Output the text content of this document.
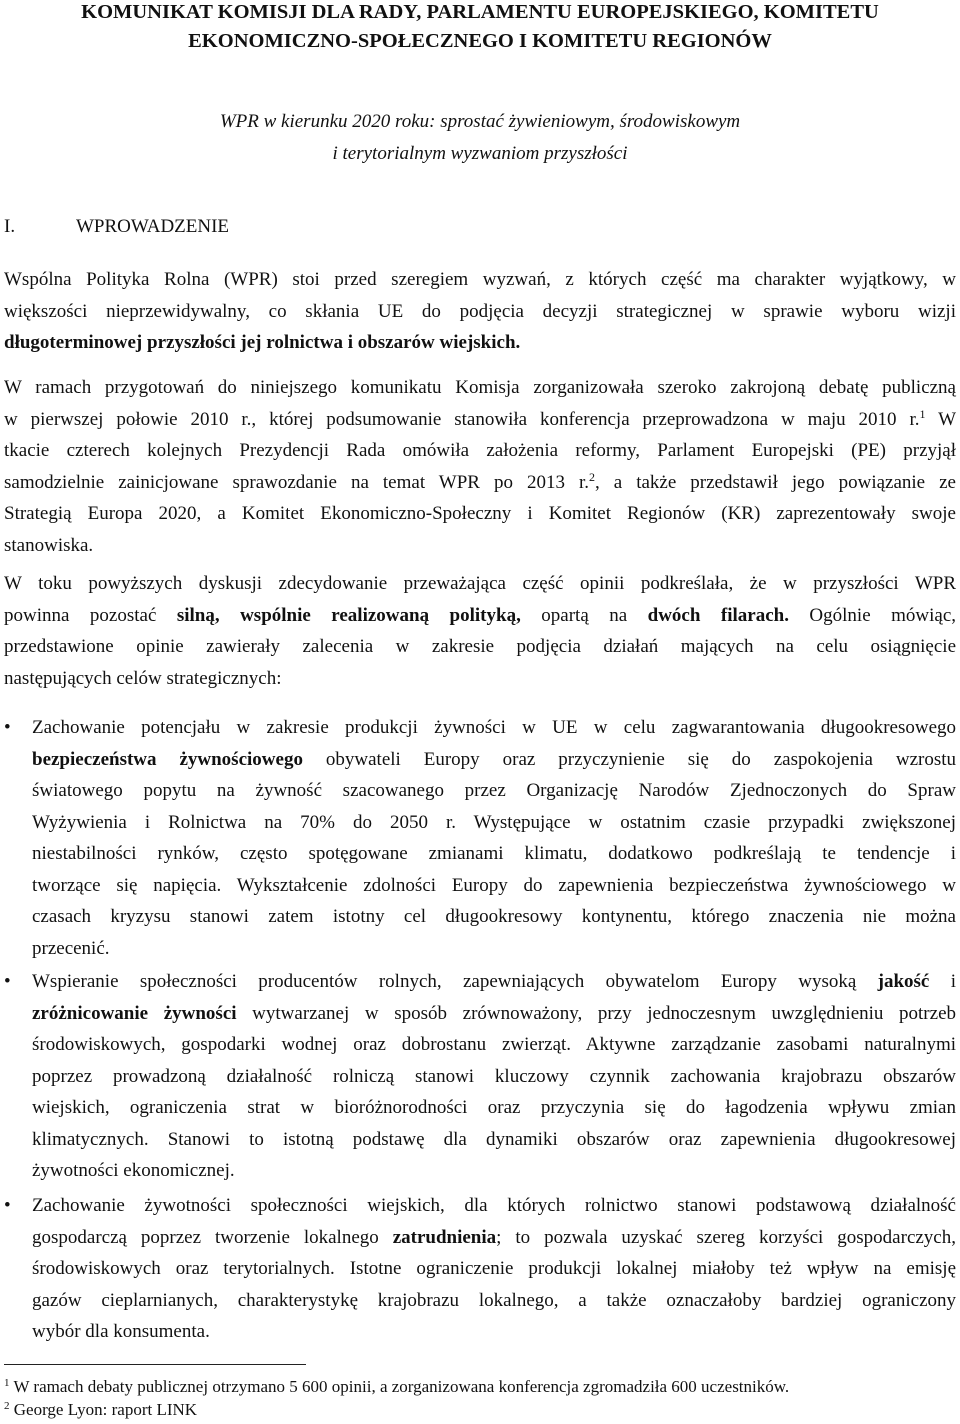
KOMUNIKAT KOMISJI DLA RADY, PARLAMENTU EUROPEJSKIEGO, KOMITETU
EKONOMICZNO-SPOŁECZNEGO I KOMITETU REGIONÓW
WPR w kierunku 2020 roku: sprostać żywieniowym, środowiskowym
i terytorialnym wyzwaniom przyszłości
I.	WPROWADZENIE
Wspólna Polityka Rolna (WPR) stoi przed szeregiem wyzwań, z których część ma charakter wyjątkowy, w
większości nieprzewidywalny, co skłania UE do podjęcia decyzji strategicznej w sprawie wyboru wizji
długoterminowej przyszłości jej rolnictwa i obszarów wiejskich.
W ramach przygotowań do niniejszego komunikatu Komisja zorganizowała szeroko zakrojoną debatę publiczną
w pierwszej połowie 2010 r., której podsumowanie stanowiła konferencja przeprowadzona w maju 2010 r.$^1$ W
tkacie czterech kolejnych Prezydencji Rada omówiła założenia reformy, Parlament Europejski (PE) przyjął
samodzielnie zainicjowane sprawozdanie na temat WPR po 2013 r.$^2$, a także przedstawił jego powiązanie ze
Strategią Europa 2020, a Komitet Ekonomiczno-Społeczny i Komitet Regionów (KR) zaprezentowały swoje
stanowiska.
W toku powyższych dyskusji zdecydowanie przeważająca część opinii podkreślała, że w przyszłości WPR
powinna pozostać silną, wspólnie realizowaną polityką, opartą na dwóch filarach. Ogólnie mówiąc,
przedstawione opinie zawierały zalecenia w zakresie podjęcia działań mających na celu osiągnięcie
następujących celów strategicznych:
• Zachowanie potencjału w zakresie produkcji żywności w UE w celu zagwarantowania długookresowego
bezpieczeństwa żywnościowego obywateli Europy oraz przyczynienie się do zaspokojenia wzrostu
światowego popytu na żywność szacowanego przez Organizację Narodów Zjednoczonych do Spraw
Wyżywienia i Rolnictwa na 70% do 2050 r. Występujące w ostatnim czasie przypadki zwiększonej
niestabilności rynków, często spotęgowane zmianami klimatu, dodatkowo podkreślają te tendencje i
tworzące się napięcia. Wykształcenie zdolności Europy do zapewnienia bezpieczeństwa żywnościowego w
czasach kryzysu stanowi zatem istotny cel długookresowy kontynentu, którego znaczenia nie można
przecenić.
• Wspieranie społeczności producentów rolnych, zapewniających obywatelom Europy wysoką jakość i
zróżnicowanie żywności wytwarzanej w sposób zrównoważony, przy jednoczesnym uwzględnieniu potrzeb
środowiskowych, gospodarki wodnej oraz dobrostanu zwierząt. Aktywne zarządzanie zasobami naturalnymi
poprzez prowadzoną działalność rolniczą stanowi kluczowy czynnik zachowania krajobrazu obszarów
wiejskich, ograniczenia strat w bioróżnorodności oraz przyczynia się do łagodzenia wpływu zmian
klimatycznych. Stanowi to istotną podstawę dla dynamiki obszarów oraz zapewnienia długookresowej
żywotności ekonomicznej.
• Zachowanie żywotności społeczności wiejskich, dla których rolnictwo stanowi podstawową działalność
gospodarczą poprzez tworzenie lokalnego zatrudnienia; to pozwala uzyskać szereg korzyści gospodarczych,
środowiskowych oraz terytorialnych. Istotne ograniczenie produkcji lokalnej miałoby też wpływ na emisję
gazów cieplarnianych, charakterystykę krajobrazu lokalnego, a także oznaczałoby bardziej ograniczony
wybór dla konsumenta.
$^1$ W ramach debaty publicznej otrzymano 5 600 opinii, a zorganizowana konferencja zgromadziła 600 uczestników.
$^2$ George Lyon: raport LINK
